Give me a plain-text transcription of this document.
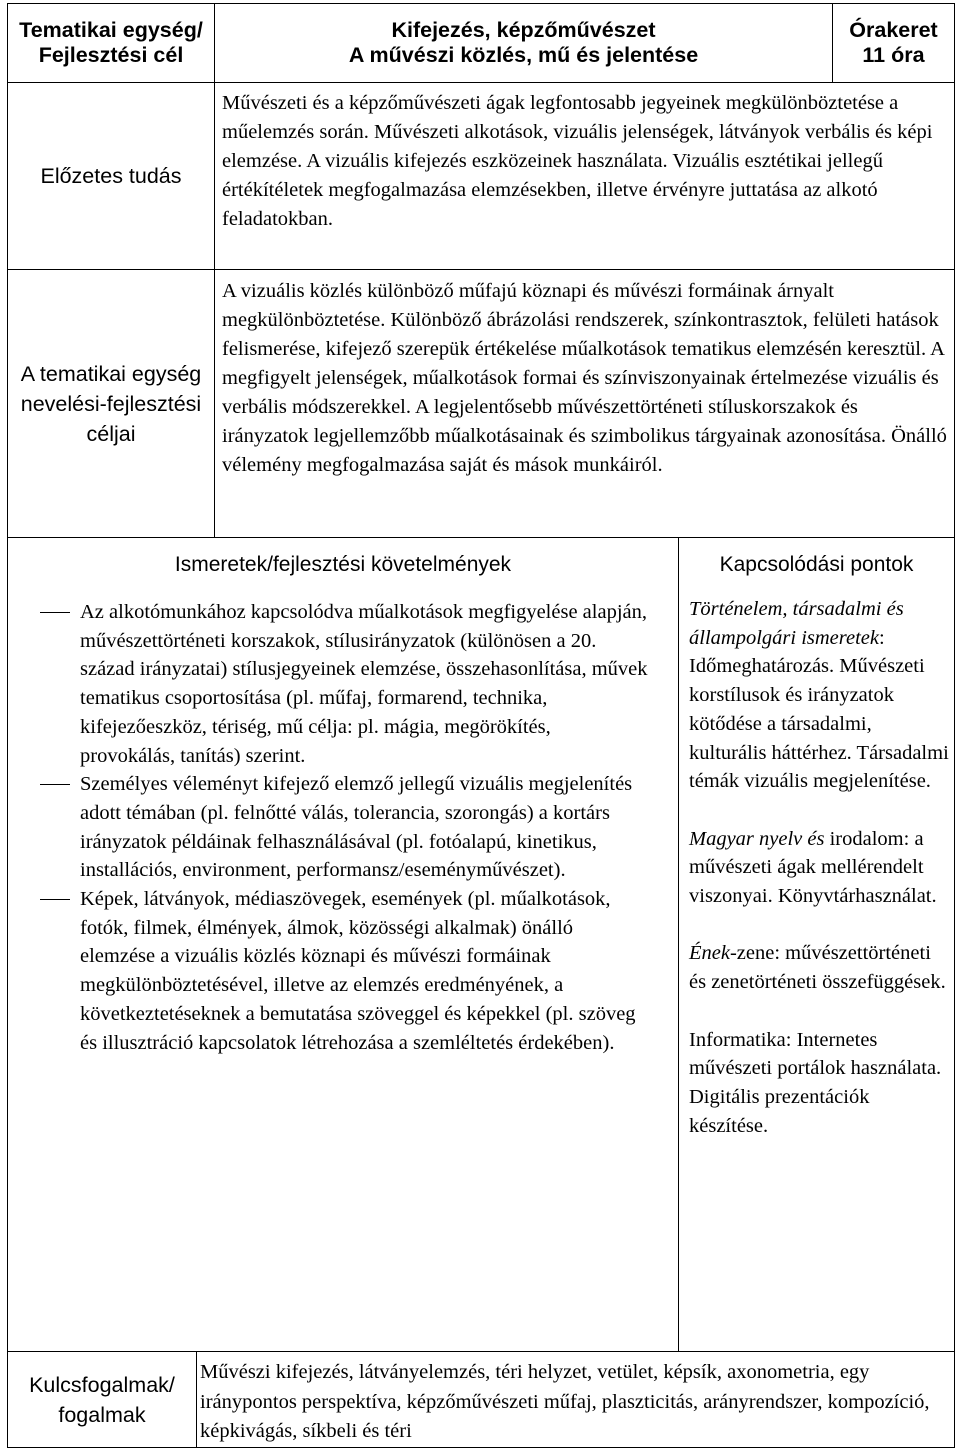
Tematikai egység/
Fejlesztési cél
Kifejezés, képzőművészet
A művészi közlés, mű és jelentése
Órakeret
11 óra
Előzetes tudás
Művészeti és a képzőművészeti ágak legfontosabb jegyeinek megkülönböztetése a műelemzés során. Művészeti alkotások, vizuális jelenségek, látványok verbális és képi elemzése. A vizuális kifejezés eszközeinek használata. Vizuális esztétikai jellegű értékítéletek megfogalmazása elemzésekben, illetve érvényre juttatása az alkotó feladatokban.
A tematikai egység
nevelési-fejlesztési
céljai
A vizuális közlés különböző műfajú köznapi és művészi formáinak árnyalt megkülönböztetése. Különböző ábrázolási rendszerek, színkontrasztok, felületi hatások felismerése, kifejező szerepük értékelése műalkotások tematikus elemzésén keresztül. A megfigyelt jelenségek, műalkotások formai és színviszonyainak értelmezése vizuális és verbális módszerekkel. A legjelentősebb művészettörténeti stíluskorszakok és irányzatok legjellemzőbb műalkotásainak és szimbolikus tárgyainak azonosítása. Önálló vélemény megfogalmazása saját és mások munkáiról.
Ismeretek/fejlesztési követelmények	Kapcsolódási pontok
Az alkotómunkához kapcsolódva műalkotások megfigyelése alapján, művészettörténeti korszakok, stílusirányzatok (különösen a 20. század irányzatai) stílusjegyeinek elemzése, összehasonlítása, művek tematikus csoportosítása (pl. műfaj, formarend, technika, kifejezőeszköz, tériség, mű célja: pl. mágia, megörökítés, provokálás, tanítás) szerint.
Személyes véleményt kifejező elemző jellegű vizuális megjelenítés adott témában (pl. felnőtté válás, tolerancia, szorongás) a kortárs irányzatok példáinak felhasználásával (pl. fotóalapú, kinetikus, installációs, environment, performansz/eseményművészet).
Képek, látványok, médiaszövegek, események (pl. műalkotások, fotók, filmek, élmények, álmok, közösségi alkalmak) önálló elemzése a vizuális közlés köznapi és művészi formáinak megkülönböztetésével, illetve az elemzés eredményének, a következtetéseknek a bemutatása szöveggel és képekkel (pl. szöveg és illusztráció kapcsolatok létrehozása a szemléltetés érdekében).

Történelem, társadalmi és állampolgári ismeretek: Időmeghatározás. Művészeti korstílusok és irányzatok kötődése a társadalmi, kulturális háttérhez. Társadalmi témák vizuális megjelenítése.

Magyar nyelv és irodalom: a művészeti ágak mellérendelt viszonyai. Könyvtárhasználat.

Ének-zene: művészettörténeti és zenetörténeti összefüggések.

Informatika: Internetes művészeti portálok használata. Digitális prezentációk készítése.

Kulcsfogalmak/
fogalmak
Művészi kifejezés, látványelemzés, téri helyzet, vetület, képsík, axonometria, egy iránypontos perspektíva, képzőművészeti műfaj, plaszticitás, arányrendszer, kompozíció, képkivágás, síkbeli és téri
